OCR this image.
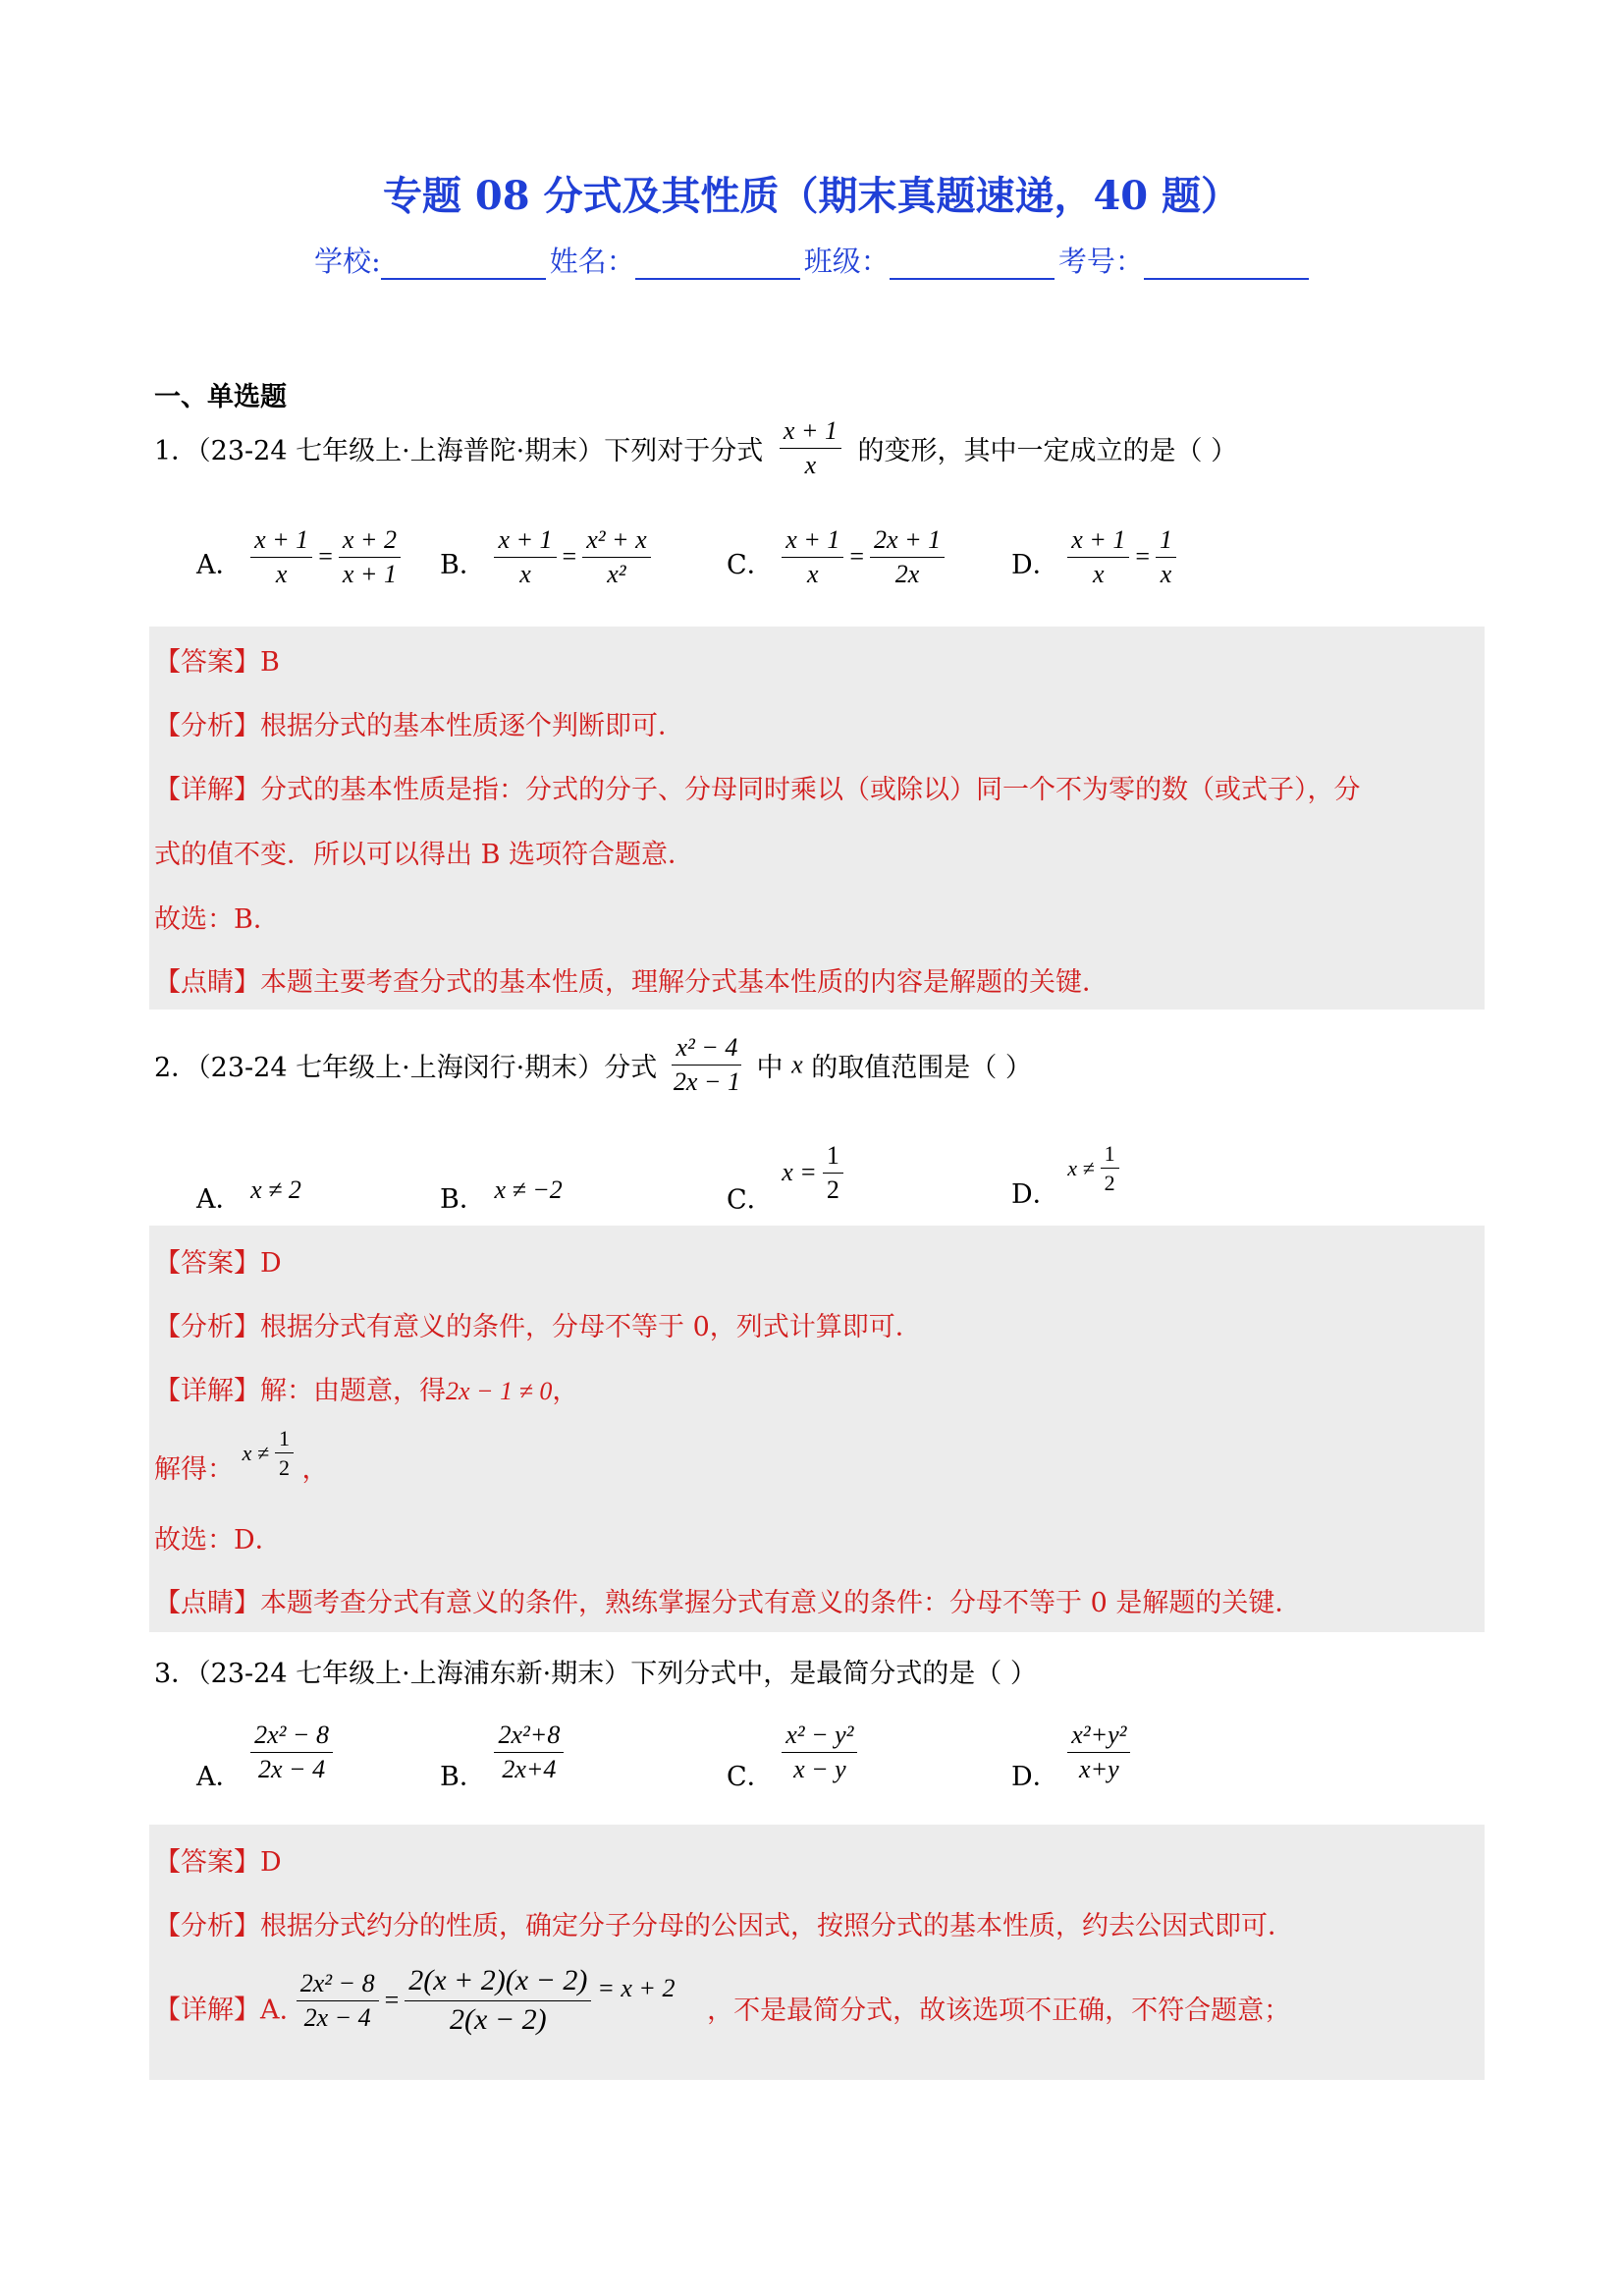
专题 08 分式及其性质（期末真题速递，40 题）
学校:	姓名：	班级：	考号：
一、单选题
1．（23-24 七年级上·上海普陀·期末）下列对于分式 $\frac{x + 1}{x}$ 的变形，其中一定成立的是（ ）
A． $\frac{x + 1}{x} = \frac{x + 2}{x + 1}$ B． $\frac{x + 1}{x} = \frac{\text{x² + x}}{\text{x²}}$	C． $\frac{x + 1}{x} = \frac{2x + 1}{2x}$	D． $\frac{x + 1}{x} = \frac{1}{x}$
【答案】B
【分析】根据分式的基本性质逐个判断即可．
【详解】分式的基本性质是指：分式的分子、分母同时乘以（或除以）同一个不为零的数（或式子），分
式的值不变．所以可以得出 B 选项符合题意．
故选：B．
【点睛】本题主要考查分式的基本性质，理解分式基本性质的内容是解题的关键．
2．（23-24 七年级上·上海闵行·期末）分式 $\frac{\text{x² − 4}}{2x - 1}$ 中 x 的取值范围是（ ）
A． x ≠ 2	B． x ≠ −2	C．
$x = \frac{1}{2}$	D．
$x \ne \frac{1}{2}$
【答案】D
【分析】根据分式有意义的条件，分母不等于 0，列式计算即可．
【详解】解：由题意，得2x − 1 ≠ 0，
解得：
$x \ne \frac{1}{2}$ ，
故选：D．
【点睛】本题考查分式有意义的条件，熟练掌握分式有意义的条件：分母不等于 0 是解题的关键．
3．（23-24 七年级上·上海浦东新·期末）下列分式中，是最简分式的是（ ）
A． $\frac{\text{2x² − 8}}{2x - 4}$	B． $\frac{\text{2x²+8}}{2x+4}$	C． $\frac{\text{x² − y²}}{x - y}$	D． $\frac{\text{x²+y²}}{x+y}$
【答案】D
【分析】根据分式约分的性质，确定分子分母的公因式，按照分式的基本性质，约去公因式即可．
【详解】A. $\frac{\text{2x² − 8}}{2x - 4} = \frac{2(x + 2)(x - 2)}{2(x - 2)} = x + 2$
，不是最简分式，故该选项不正确，不符合题意；
